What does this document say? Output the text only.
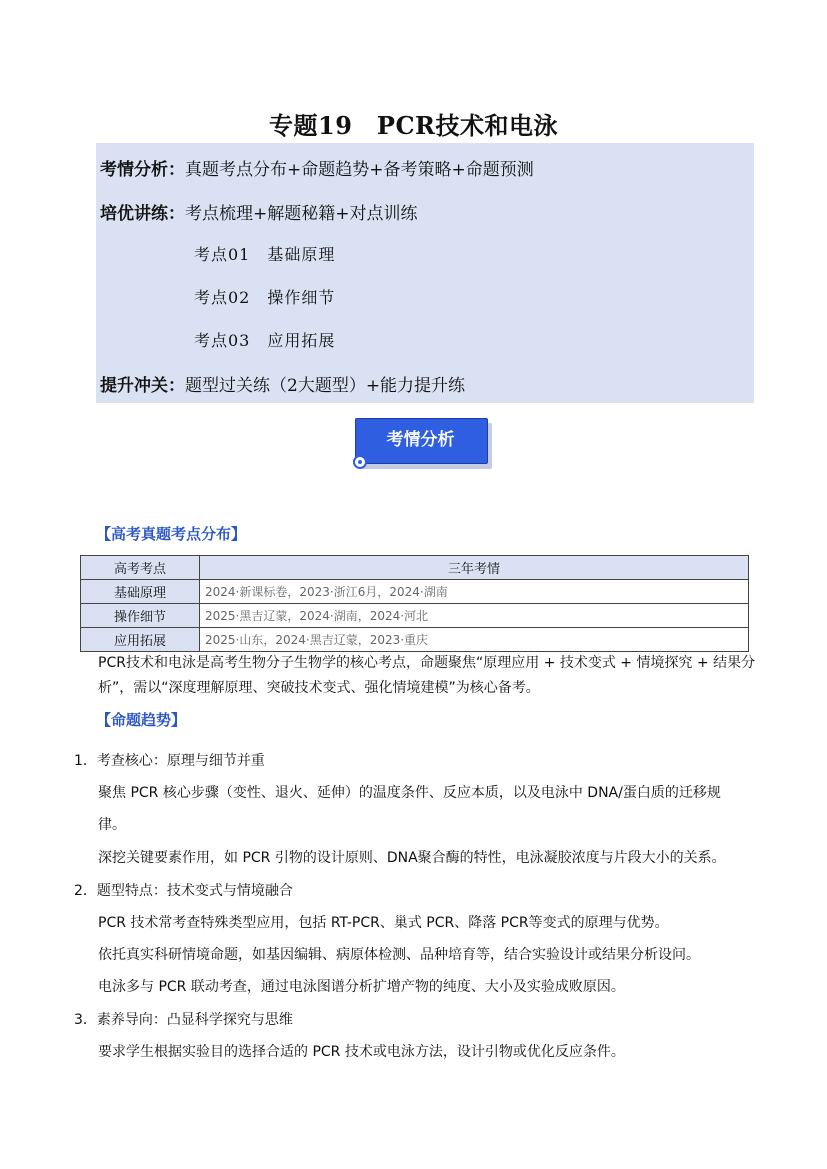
专题19　PCR技术和电泳
考情分析：真题考点分布+命题趋势+备考策略+命题预测
培优讲练：考点梳理+解题秘籍+对点训练
考点01　基础原理
考点02　操作细节
考点03　应用拓展
提升冲关：题型过关练（2大题型）+能力提升练
考情分析
【高考真题考点分布】
高考考点	三年考情
基础原理	2024·新课标卷，2023·浙江6月，2024·湖南
操作细节	2025·黑吉辽蒙，2024·湖南，2024·河北
应用拓展	2025·山东，2024·黑吉辽蒙，2023·重庆
PCR技术和电泳是高考生物分子生物学的核心考点，命题聚焦“原理应用 + 技术变式 + 情境探究 + 结果分析”，需以“深度理解原理、突破技术变式、强化情境建模”为核心备考。
【命题趋势】
1．考查核心：原理与细节并重
聚焦 PCR 核心步骤（变性、退火、延伸）的温度条件、反应本质，以及电泳中 DNA/蛋白质的迁移规
律。
深挖关键要素作用，如 PCR 引物的设计原则、DNA聚合酶的特性，电泳凝胶浓度与片段大小的关系。
2．题型特点：技术变式与情境融合
PCR 技术常考查特殊类型应用，包括 RT-PCR、巢式 PCR、降落 PCR等变式的原理与优势。
依托真实科研情境命题，如基因编辑、病原体检测、品种培育等，结合实验设计或结果分析设问。
电泳多与 PCR 联动考查，通过电泳图谱分析扩增产物的纯度、大小及实验成败原因。
3．素养导向：凸显科学探究与思维
要求学生根据实验目的选择合适的 PCR 技术或电泳方法，设计引物或优化反应条件。
